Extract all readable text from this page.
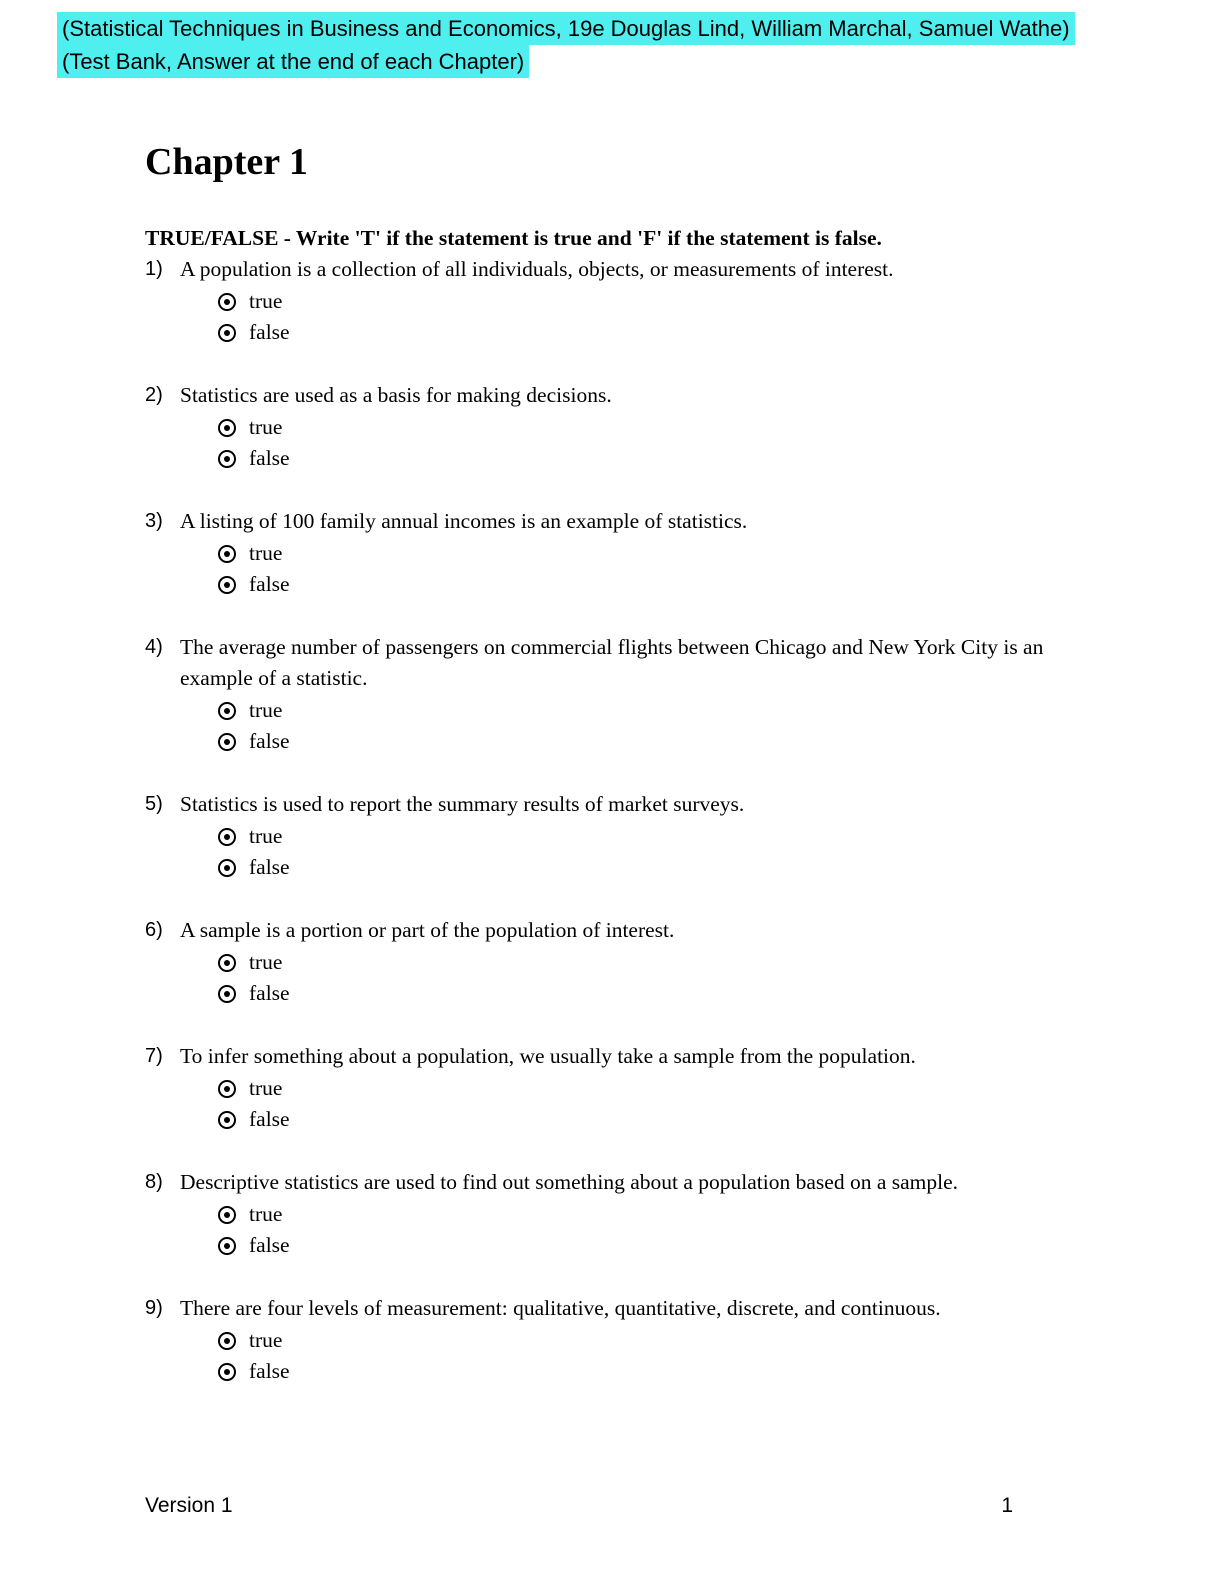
(Statistical Techniques in Business and Economics, 19e Douglas Lind, William Marchal, Samuel Wathe)
(Test Bank, Answer at the end of each Chapter)
Chapter 1

TRUE/FALSE - Write 'T' if the statement is true and 'F' if the statement is false.

1) A population is a collection of all individuals, objects, or measurements of interest.
true
false
2) Statistics are used as a basis for making decisions.
true
false
3) A listing of 100 family annual incomes is an example of statistics.
true
false
4) The average number of passengers on commercial flights between Chicago and New York City is an example of a statistic.
true
false
5) Statistics is used to report the summary results of market surveys.
true
false
6) A sample is a portion or part of the population of interest.
true
false
7) To infer something about a population, we usually take a sample from the population.
true
false
8) Descriptive statistics are used to find out something about a population based on a sample.
true
false
9) There are four levels of measurement: qualitative, quantitative, discrete, and continuous.
true
false
Version 1	1
